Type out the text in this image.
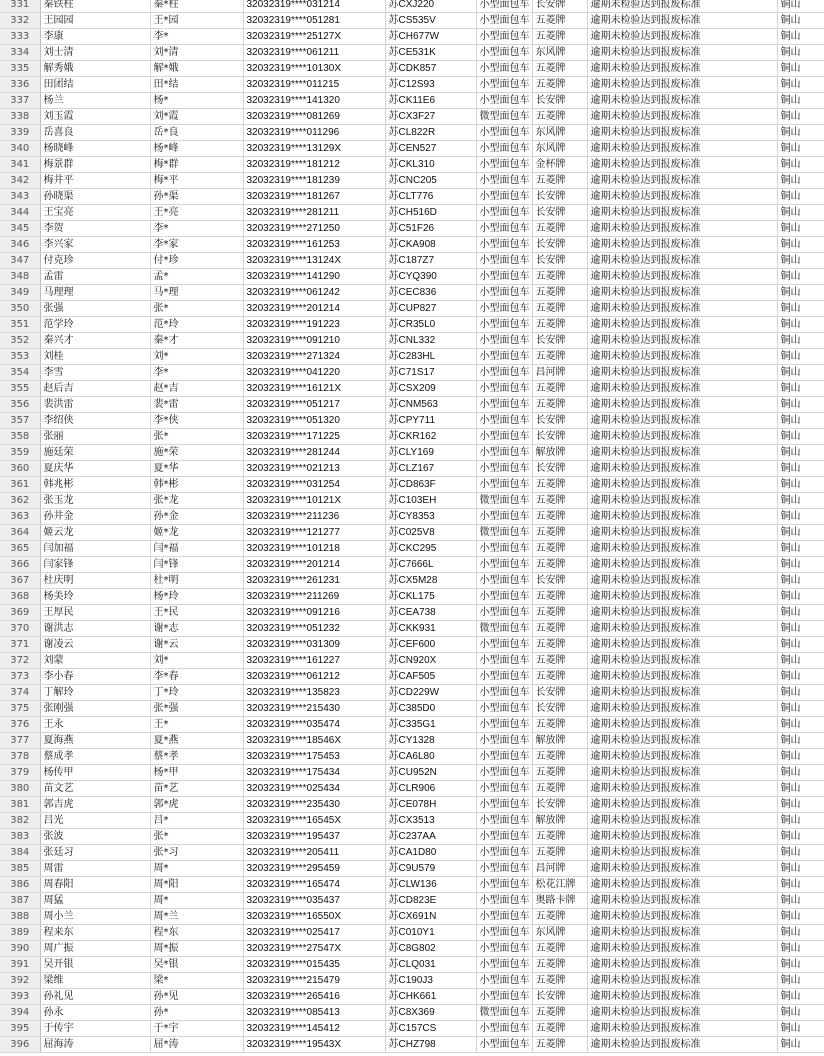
331	秦铁柱	秦*柱	32032319****031214	苏CXJ220	小型面包车	长安牌	逾期未检验达到报废标准	铜山
332	王园园	王*园	32032319****051281	苏CS535V	小型面包车	五菱牌	逾期未检验达到报废标准	铜山
333	李康	李*	32032319****25127X	苏CH677W	小型面包车	五菱牌	逾期未检验达到报废标准	铜山
334	刘士清	刘*清	32032319****061211	苏CE531K	小型面包车	东风牌	逾期未检验达到报废标准	铜山
335	解秀娥	解*娥	32032319****10130X	苏CDK857	小型面包车	五菱牌	逾期未检验达到报废标准	铜山
336	田团结	田*结	32032319****011215	苏C12S93	小型面包车	五菱牌	逾期未检验达到报废标准	铜山
337	杨兰	杨*	32032319****141320	苏CK11E6	小型面包车	长安牌	逾期未检验达到报废标准	铜山
338	刘玉霞	刘*霞	32032319****081269	苏CX3F27	微型面包车	五菱牌	逾期未检验达到报废标准	铜山
339	岳喜良	岳*良	32032319****011296	苏CL822R	小型面包车	东风牌	逾期未检验达到报废标准	铜山
340	杨晓峰	杨*峰	32032319****13129X	苏CEN527	小型面包车	东风牌	逾期未检验达到报废标准	铜山
341	梅景群	梅*群	32032319****181212	苏CKL310	小型面包车	金杯牌	逾期未检验达到报废标准	铜山
342	梅井平	梅*平	32032319****181239	苏CNC205	小型面包车	五菱牌	逾期未检验达到报废标准	铜山
343	孙晓渠	孙*渠	32032319****181267	苏CLT776	小型面包车	长安牌	逾期未检验达到报废标准	铜山
344	王宝亮	王*亮	32032319****281211	苏CH516D	小型面包车	长安牌	逾期未检验达到报废标准	铜山
345	李贺	李*	32032319****271250	苏C51F26	小型面包车	五菱牌	逾期未检验达到报废标准	铜山
346	李兴家	李*家	32032319****161253	苏CKA908	小型面包车	长安牌	逾期未检验达到报废标准	铜山
347	付克珍	付*珍	32032319****13124X	苏C187Z7	小型面包车	长安牌	逾期未检验达到报废标准	铜山
348	孟雷	孟*	32032319****141290	苏CYQ390	小型面包车	五菱牌	逾期未检验达到报废标准	铜山
349	马理理	马*理	32032319****061242	苏CEC836	小型面包车	五菱牌	逾期未检验达到报废标准	铜山
350	张强	张*	32032319****201214	苏CUP827	小型面包车	五菱牌	逾期未检验达到报废标准	铜山
351	范学玲	范*玲	32032319****191223	苏CR35L0	小型面包车	五菱牌	逾期未检验达到报废标准	铜山
352	秦兴才	秦*才	32032319****091210	苏CNL332	小型面包车	长安牌	逾期未检验达到报废标准	铜山
353	刘桂	刘*	32032319****271324	苏C283HL	小型面包车	五菱牌	逾期未检验达到报废标准	铜山
354	李雪	李*	32032319****041220	苏C71S17	小型面包车	昌河牌	逾期未检验达到报废标准	铜山
355	赵后吉	赵*吉	32032319****16121X	苏CSX209	小型面包车	五菱牌	逾期未检验达到报废标准	铜山
356	裴洪雷	裴*雷	32032319****051217	苏CNM563	小型面包车	五菱牌	逾期未检验达到报废标准	铜山
357	李绍侠	李*侠	32032319****051320	苏CPY711	小型面包车	长安牌	逾期未检验达到报废标准	铜山
358	张丽	张*	32032319****171225	苏CKR162	小型面包车	长安牌	逾期未检验达到报废标准	铜山
359	施廷荣	施*荣	32032319****281244	苏CLY169	小型面包车	解放牌	逾期未检验达到报废标准	铜山
360	夏庆华	夏*华	32032319****021213	苏CLZ167	小型面包车	长安牌	逾期未检验达到报废标准	铜山
361	韩兆彬	韩*彬	32032319****031254	苏CD863F	小型面包车	五菱牌	逾期未检验达到报废标准	铜山
362	张玉龙	张*龙	32032319****10121X	苏C103EH	微型面包车	五菱牌	逾期未检验达到报废标准	铜山
363	孙井金	孙*金	32032319****211236	苏CY8353	小型面包车	五菱牌	逾期未检验达到报废标准	铜山
364	姬云龙	姬*龙	32032319****121277	苏C025V8	微型面包车	五菱牌	逾期未检验达到报废标准	铜山
365	闫加福	闫*福	32032319****101218	苏CKC295	小型面包车	五菱牌	逾期未检验达到报废标准	铜山
366	闫家锋	闫*锋	32032319****201214	苏C7666L	小型面包车	五菱牌	逾期未检验达到报废标准	铜山
367	杜庆明	杜*明	32032319****261231	苏CX5M28	小型面包车	长安牌	逾期未检验达到报废标准	铜山
368	杨美玲	杨*玲	32032319****211269	苏CKL175	小型面包车	五菱牌	逾期未检验达到报废标准	铜山
369	王厚民	王*民	32032319****091216	苏CEA738	小型面包车	五菱牌	逾期未检验达到报废标准	铜山
370	谢洪志	谢*志	32032319****051232	苏CKK931	微型面包车	五菱牌	逾期未检验达到报废标准	铜山
371	谢凌云	谢*云	32032319****031309	苏CEF600	小型面包车	五菱牌	逾期未检验达到报废标准	铜山
372	刘蒙	刘*	32032319****161227	苏CN920X	小型面包车	五菱牌	逾期未检验达到报废标准	铜山
373	李小春	李*春	32032319****061212	苏CAF505	小型面包车	五菱牌	逾期未检验达到报废标准	铜山
374	丁解玲	丁*玲	32032319****135823	苏CD229W	小型面包车	长安牌	逾期未检验达到报废标准	铜山
375	张刚强	张*强	32032319****215430	苏C385D0	小型面包车	长安牌	逾期未检验达到报废标准	铜山
376	王永	王*	32032319****035474	苏C335G1	小型面包车	五菱牌	逾期未检验达到报废标准	铜山
377	夏海燕	夏*燕	32032319****18546X	苏CY1328	小型面包车	解放牌	逾期未检验达到报废标准	铜山
378	蔡成孝	蔡*孝	32032319****175453	苏CA6L80	小型面包车	五菱牌	逾期未检验达到报废标准	铜山
379	杨传甲	杨*甲	32032319****175434	苏CU952N	小型面包车	五菱牌	逾期未检验达到报废标准	铜山
380	苗文艺	苗*艺	32032319****025434	苏CLR906	小型面包车	五菱牌	逾期未检验达到报废标准	铜山
381	郭吉虎	郭*虎	32032319****235430	苏CE078H	小型面包车	长安牌	逾期未检验达到报废标准	铜山
382	吕光	吕*	32032319****16545X	苏CX3513	小型面包车	解放牌	逾期未检验达到报废标准	铜山
383	张波	张*	32032319****195437	苏C237AA	小型面包车	五菱牌	逾期未检验达到报废标准	铜山
384	张廷习	张*习	32032319****205411	苏CA1D80	小型面包车	五菱牌	逾期未检验达到报废标准	铜山
385	周雷	周*	32032319****295459	苏C9U579	小型面包车	昌河牌	逾期未检验达到报废标准	铜山
386	周春阳	周*阳	32032319****165474	苏CLW136	小型面包车	松花江牌	逾期未检验达到报废标准	铜山
387	周猛	周*	32032319****035437	苏CD823E	小型面包车	奥路卡牌	逾期未检验达到报废标准	铜山
388	周小兰	周*兰	32032319****16550X	苏CX691N	小型面包车	五菱牌	逾期未检验达到报废标准	铜山
389	程来东	程*东	32032319****025417	苏C010Y1	小型面包车	东风牌	逾期未检验达到报废标准	铜山
390	周广振	周*振	32032319****27547X	苏C8G802	小型面包车	五菱牌	逾期未检验达到报废标准	铜山
391	吴开银	吴*银	32032319****015435	苏CLQ031	小型面包车	五菱牌	逾期未检验达到报废标准	铜山
392	梁维	梁*	32032319****215479	苏C190J3	小型面包车	五菱牌	逾期未检验达到报废标准	铜山
393	孙礼见	孙*见	32032319****265416	苏CHK661	小型面包车	长安牌	逾期未检验达到报废标准	铜山
394	孙永	孙*	32032319****085413	苏C8X369	微型面包车	五菱牌	逾期未检验达到报废标准	铜山
395	于传宇	于*宇	32032319****145412	苏C157CS	小型面包车	五菱牌	逾期未检验达到报废标准	铜山
396	屈海涛	屈*涛	32032319****19543X	苏CHZ798	小型面包车	五菱牌	逾期未检验达到报废标准	铜山
